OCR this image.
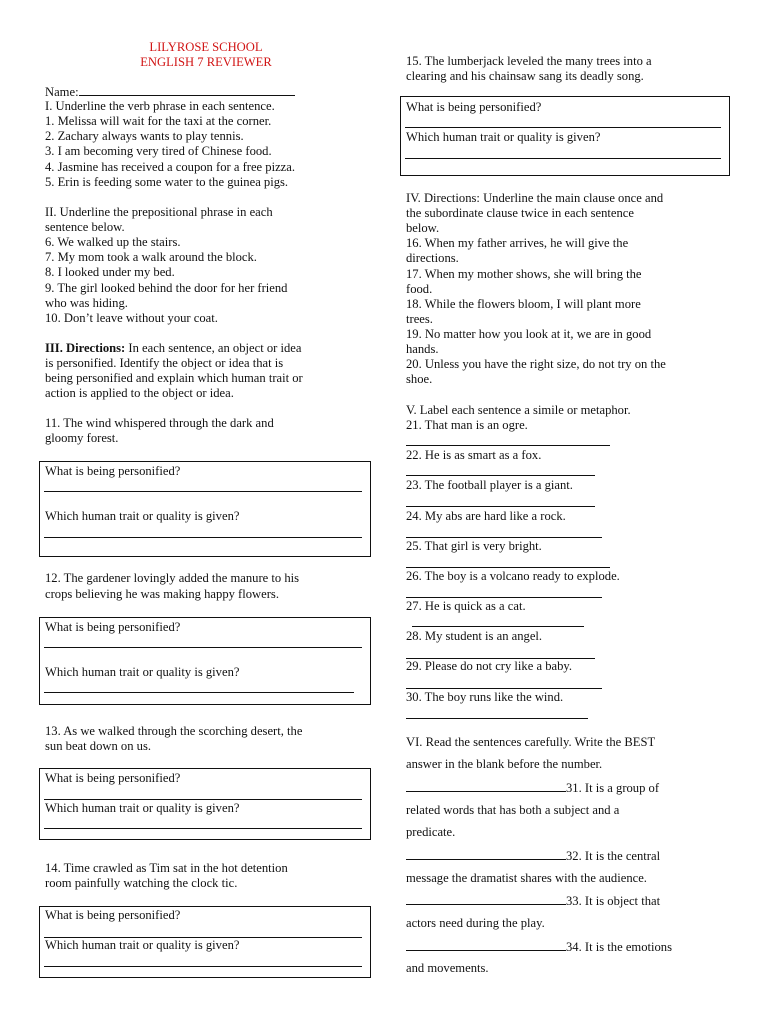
LILYROSE SCHOOL
ENGLISH 7 REVIEWER
Name:
I. Underline the verb phrase in each sentence.
1. Melissa will wait for the taxi at the corner.
2. Zachary always wants to play tennis.
3. I am becoming very tired of Chinese food.
4. Jasmine has received a coupon for a free pizza.
5. Erin is feeding some water to the guinea pigs.
II. Underline the prepositional phrase in each
sentence below.
6. We walked up the stairs.
7. My mom took a walk around the block.
8. I looked under my bed.
9. The girl looked behind the door for her friend
who was hiding.
10. Don’t leave without your coat.
III. Directions: In each sentence, an object or idea
is personified. Identify the object or idea that is
being personified and explain which human trait or
action is applied to the object or idea.
11. The wind whispered through the dark and
gloomy forest.
What is being personified?
Which human trait or quality is given?
12. The gardener lovingly added the manure to his
crops believing he was making happy flowers.
What is being personified?
Which human trait or quality is given?
13. As we walked through the scorching desert, the
sun beat down on us.
What is being personified?
Which human trait or quality is given?
14. Time crawled as Tim sat in the hot detention
room painfully watching the clock tic.
What is being personified?
Which human trait or quality is given?
15. The lumberjack leveled the many trees into a
clearing and his chainsaw sang its deadly song.
What is being personified?
Which human trait or quality is given?
IV. Directions: Underline the main clause once and
the subordinate clause twice in each sentence
below.
16. When my father arrives, he will give the
directions.
17. When my mother shows, she will bring the
food.
18. While the flowers bloom, I will plant more
trees.
19. No matter how you look at it, we are in good
hands.
20. Unless you have the right size, do not try on the
shoe.
V. Label each sentence a simile or metaphor.
21. That man is an ogre.
22. He is as smart as a fox.
23. The football player is a giant.
24. My abs are hard like a rock.
25. That girl is very bright.
26. The boy is a volcano ready to explode.
27. He is quick as a cat.
28. My student is an angel.
29. Please do not cry like a baby.
30. The boy runs like the wind.
VI. Read the sentences carefully. Write the BEST
answer in the blank before the number.
31. It is a group of
related words that has both a subject and a
predicate.
32. It is the central
message the dramatist shares with the audience.
33. It is object that
actors need during the play.
34. It is the emotions
and movements.
